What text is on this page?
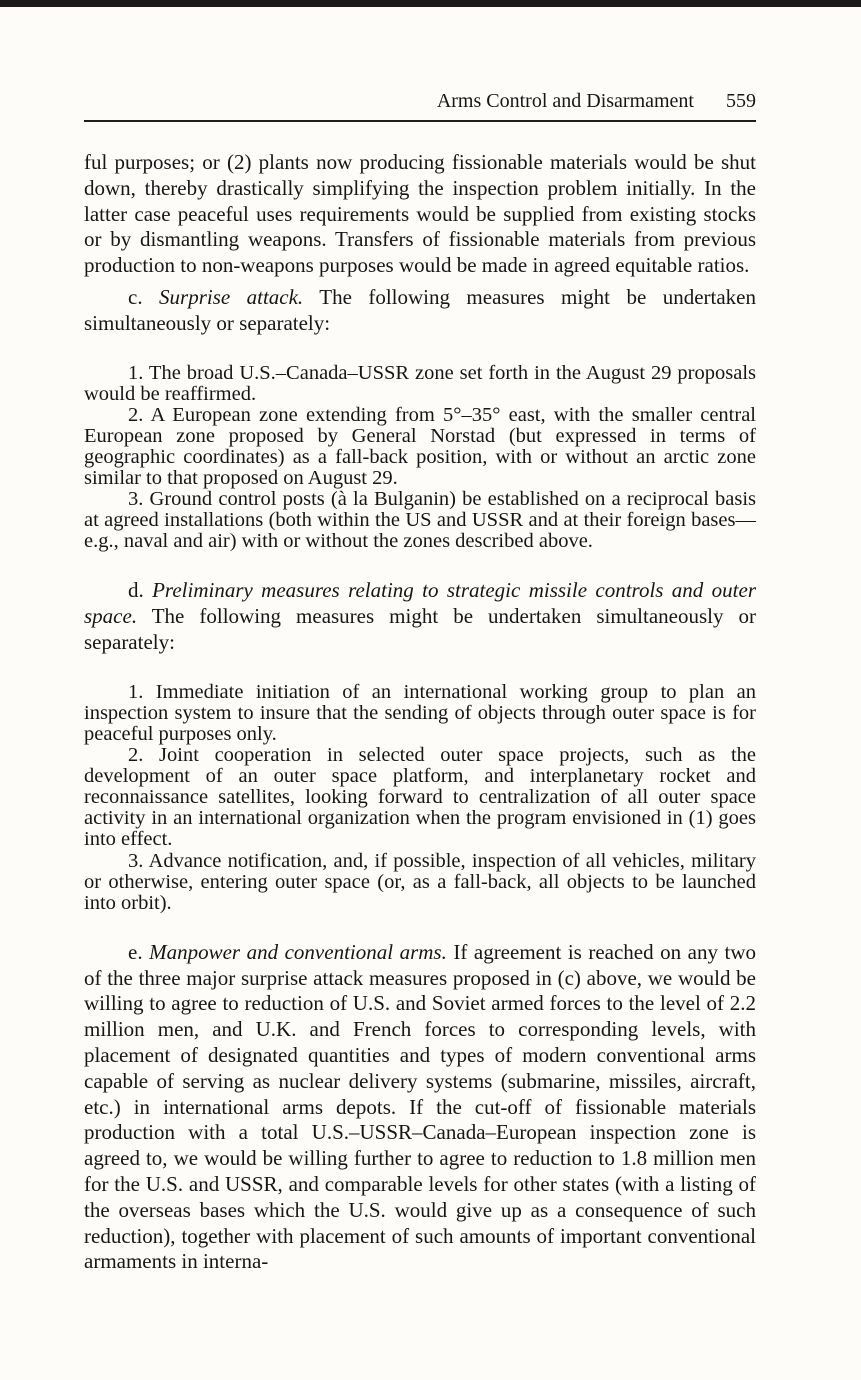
Arms Control and Disarmament 559

ful purposes; or (2) plants now producing fissionable materials would be shut down, thereby drastically simplifying the inspection problem initially. In the latter case peaceful uses requirements would be supplied from existing stocks or by dismantling weapons. Transfers of fissionable materials from previous production to non-weapons purposes would be made in agreed equitable ratios.

c. Surprise attack. The following measures might be undertaken simultaneously or separately:

1. The broad U.S.–Canada–USSR zone set forth in the August 29 proposals would be reaffirmed.

2. A European zone extending from 5°–35° east, with the smaller central European zone proposed by General Norstad (but expressed in terms of geographic coordinates) as a fall-back position, with or without an arctic zone similar to that proposed on August 29.

3. Ground control posts (à la Bulganin) be established on a reciprocal basis at agreed installations (both within the US and USSR and at their foreign bases—e.g., naval and air) with or without the zones described above.

d. Preliminary measures relating to strategic missile controls and outer space. The following measures might be undertaken simultaneously or separately:

1. Immediate initiation of an international working group to plan an inspection system to insure that the sending of objects through outer space is for peaceful purposes only.

2. Joint cooperation in selected outer space projects, such as the development of an outer space platform, and interplanetary rocket and reconnaissance satellites, looking forward to centralization of all outer space activity in an international organization when the program envisioned in (1) goes into effect.

3. Advance notification, and, if possible, inspection of all vehicles, military or otherwise, entering outer space (or, as a fall-back, all objects to be launched into orbit).

e. Manpower and conventional arms. If agreement is reached on any two of the three major surprise attack measures proposed in (c) above, we would be willing to agree to reduction of U.S. and Soviet armed forces to the level of 2.2 million men, and U.K. and French forces to corresponding levels, with placement of designated quantities and types of modern conventional arms capable of serving as nuclear delivery systems (submarine, missiles, aircraft, etc.) in international arms depots. If the cut-off of fissionable materials production with a total U.S.–USSR–Canada–European inspection zone is agreed to, we would be willing further to agree to reduction to 1.8 million men for the U.S. and USSR, and comparable levels for other states (with a listing of the overseas bases which the U.S. would give up as a consequence of such reduction), together with placement of such amounts of important conventional armaments in interna-
